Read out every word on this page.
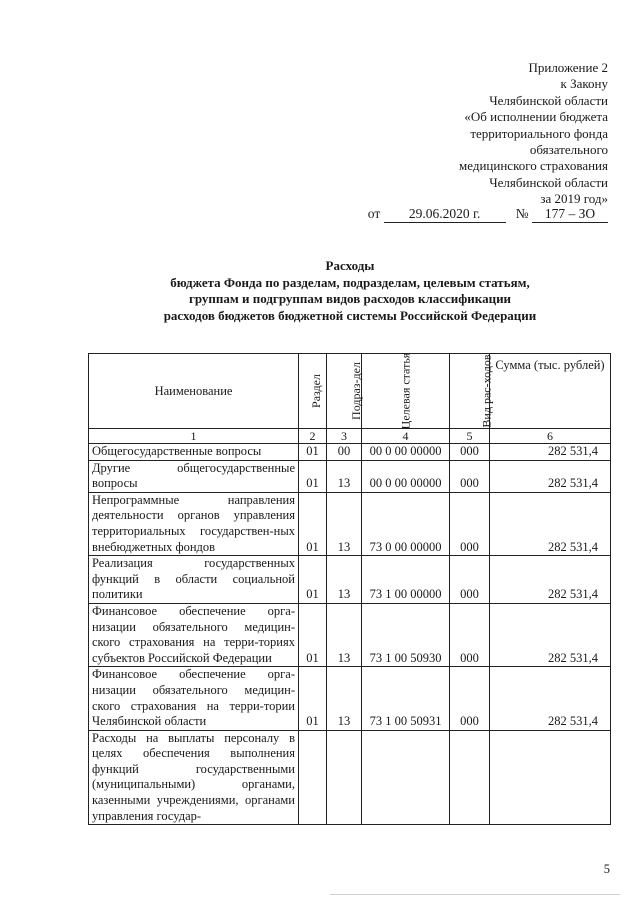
Приложение 2
к Закону
Челябинской области
«Об исполнении бюджета
территориального фонда
обязательного
медицинского страхования
Челябинской области
за 2019 год»
от 29.06.2020 г.	№ 177 – ЗО
Расходы
бюджета Фонда по разделам, подразделам, целевым статьям,
группам и подгруппам видов расходов классификации
расходов бюджетов бюджетной системы Российской Федерации
Наименование	Раздел	Подраз-дел	Целевая статья	Вид рас-ходов	Сумма (тыс. рублей)
1	2	3	4	5	6
Общегосударственные вопросы	01	00	00 0 00 00000	000	282 531,4
Другие общегосударственные вопросы	01	13	00 0 00 00000	000	282 531,4
Непрограммные направления деятельности органов управления территориальных государствен-ных внебюджетных фондов	01	13	73 0 00 00000	000	282 531,4
Реализация государственных функций в области социальной политики	01	13	73 1 00 00000	000	282 531,4
Финансовое обеспечение орга-низации обязательного медицин-ского страхования на терри-ториях субъектов Российской Федерации	01	13	73 1 00 50930	000	282 531,4
Финансовое обеспечение орга-низации обязательного медицин-ского страхования на терри-тории Челябинской области	01	13	73 1 00 50931	000	282 531,4
Расходы на выплаты персоналу в целях обеспечения выполнения функций государственными (муниципальными) органами, казенными учреждениями, органами управления государ-					
5
